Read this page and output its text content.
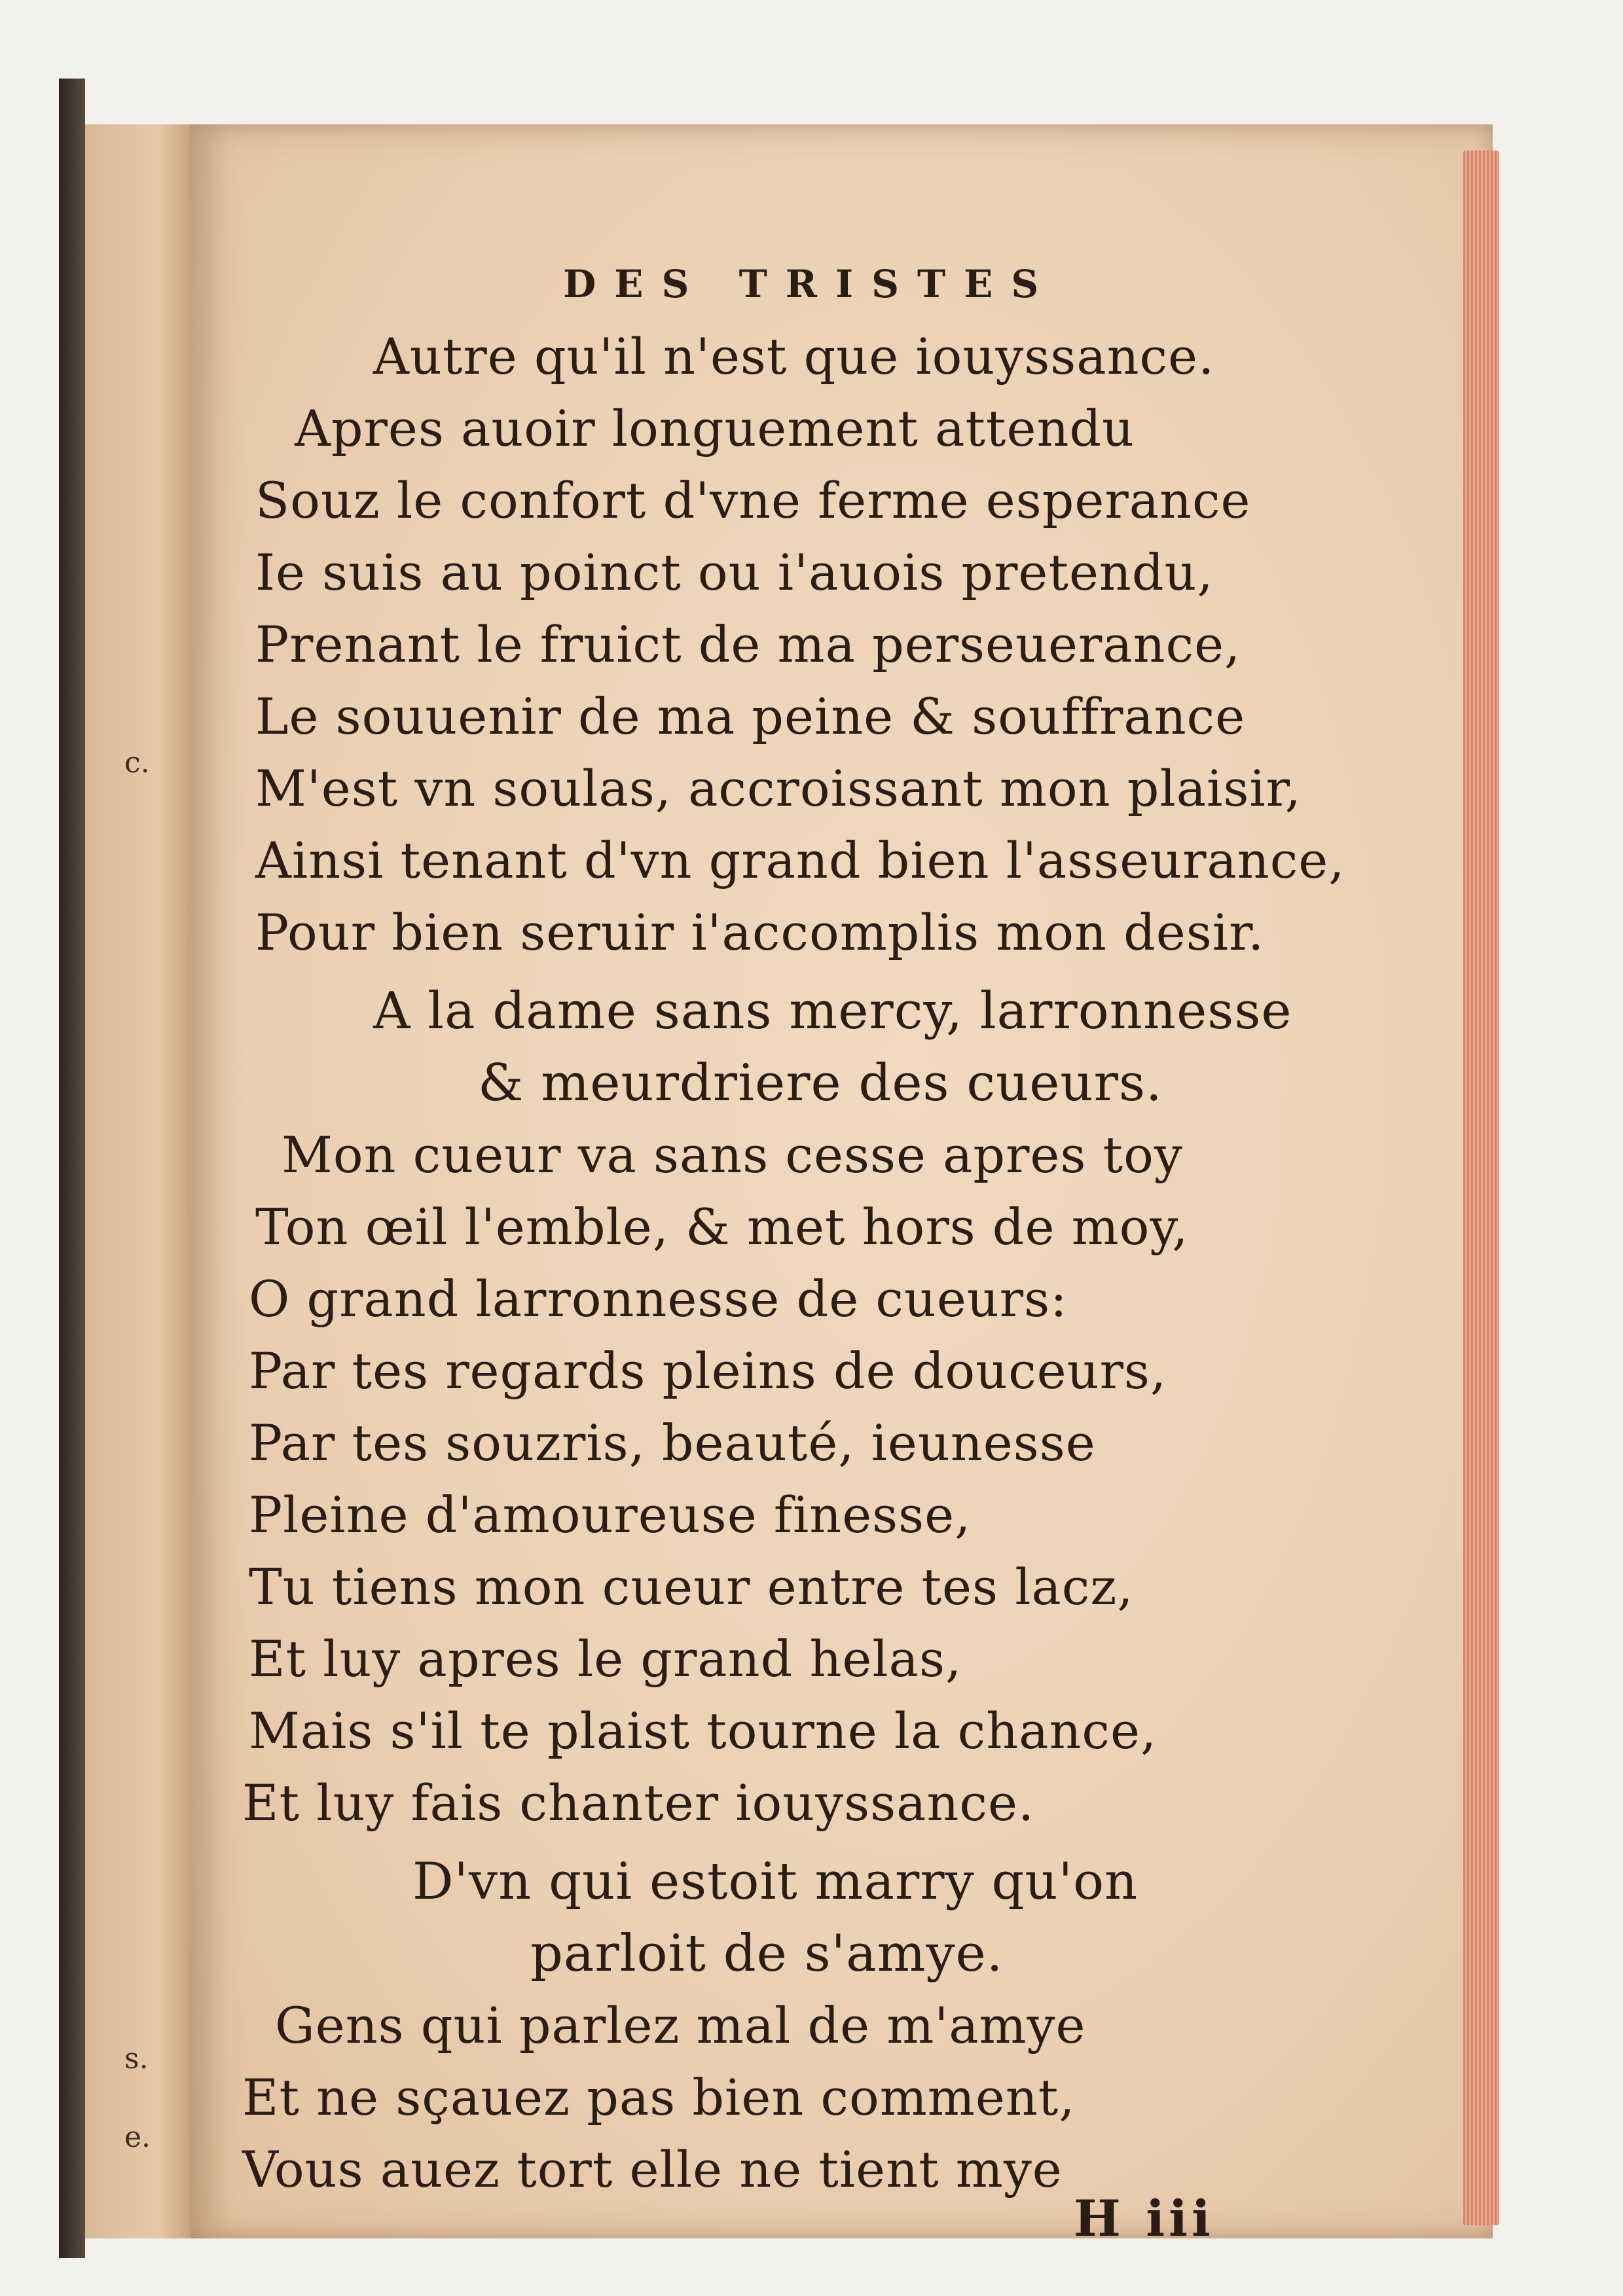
c.
s.
e.
DES TRISTES
Autre qu'il n'est que iouyssance.
Apres auoir longuement attendu
Souz le confort d'vne ferme esperance
Ie suis au poinct ou i'auois pretendu,
Prenant le fruict de ma perseuerance,
Le souuenir de ma peine & souffrance
M'est vn soulas, accroissant mon plaisir,
Ainsi tenant d'vn grand bien l'asseurance,
Pour bien seruir i'accomplis mon desir.
A la dame sans mercy, larronnesse
& meurdriere des cueurs.
Mon cueur va sans cesse apres toy
Ton œil l'emble, & met hors de moy,
O grand larronnesse de cueurs:
Par tes regards pleins de douceurs,
Par tes souzris, beauté, ieunesse
Pleine d'amoureuse finesse,
Tu tiens mon cueur entre tes lacz,
Et luy apres le grand helas,
Mais s'il te plaist tourne la chance,
Et luy fais chanter iouyssance.
D'vn qui estoit marry qu'on
parloit de s'amye.
Gens qui parlez mal de m'amye
Et ne sçauez pas bien comment,
Vous auez tort elle ne tient mye
H iii
